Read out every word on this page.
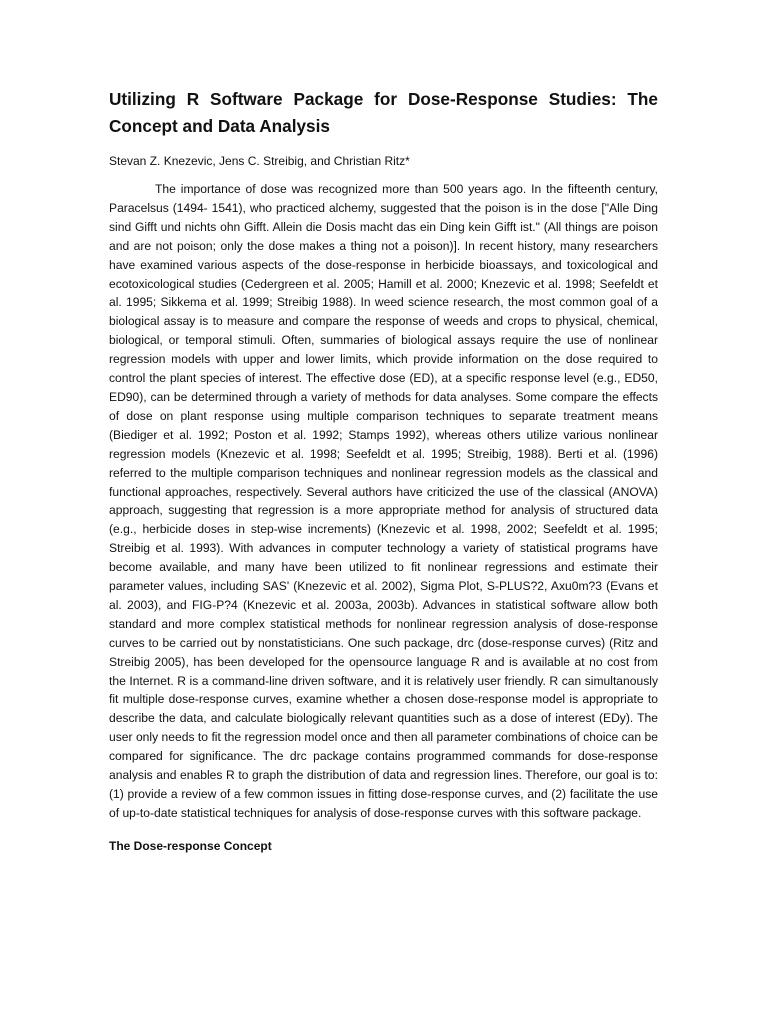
Utilizing R Software Package for Dose-Response Studies: The Concept and Data Analysis

Stevan Z. Knezevic, Jens C. Streibig, and Christian Ritz*

The importance of dose was recognized more than 500 years ago. In the fifteenth century, Paracelsus (1494- 1541), who practiced alchemy, suggested that the poison is in the dose ["Alle Ding sind Gifft und nichts ohn Gifft. Allein die Dosis macht das ein Ding kein Gifft ist." (All things are poison and are not poison; only the dose makes a thing not a poison)]. In recent history, many researchers have examined various aspects of the dose-response in herbicide bioassays, and toxicological and ecotoxicological studies (Cedergreen et al. 2005; Hamill et al. 2000; Knezevic et al. 1998; Seefeldt et al. 1995; Sikkema et al. 1999; Streibig 1988). In weed science research, the most common goal of a biological assay is to measure and compare the response of weeds and crops to physical, chemical, biological, or temporal stimuli. Often, summaries of biological assays require the use of nonlinear regression models with upper and lower limits, which provide information on the dose required to control the plant species of interest. The effective dose (ED), at a specific response level (e.g., ED50, ED90), can be determined through a variety of methods for data analyses. Some compare the effects of dose on plant response using multiple comparison techniques to separate treatment means (Biediger et al. 1992; Poston et al. 1992; Stamps 1992), whereas others utilize various nonlinear regression models (Knezevic et al. 1998; Seefeldt et al. 1995; Streibig, 1988). Berti et al. (1996) referred to the multiple comparison techniques and nonlinear regression models as the classical and functional approaches, respectively. Several authors have criticized the use of the classical (ANOVA) approach, suggesting that regression is a more appropriate method for analysis of structured data (e.g., herbicide doses in step-wise increments) (Knezevic et al. 1998, 2002; Seefeldt et al. 1995; Streibig et al. 1993). With advances in computer technology a variety of statistical programs have become available, and many have been utilized to fit nonlinear regressions and estimate their parameter values, including SAS' (Knezevic et al. 2002), Sigma Plot, S-PLUS?2, Axu0m?3 (Evans et al. 2003), and FIG-P?4 (Knezevic et al. 2003a, 2003b). Advances in statistical software allow both standard and more complex statistical methods for nonlinear regression analysis of dose-response curves to be carried out by nonstatisticians. One such package, drc (dose-response curves) (Ritz and Streibig 2005), has been developed for the opensource language R and is available at no cost from the Internet. R is a command-line driven software, and it is relatively user friendly. R can simultanously fit multiple dose-response curves, examine whether a chosen dose-response model is appropriate to describe the data, and calculate biologically relevant quantities such as a dose of interest (EDy). The user only needs to fit the regression model once and then all parameter combinations of choice can be compared for significance. The drc package contains programmed commands for dose-response analysis and enables R to graph the distribution of data and regression lines. Therefore, our goal is to: (1) provide a review of a few common issues in fitting dose-response curves, and (2) facilitate the use of up-to-date statistical techniques for analysis of dose-response curves with this software package.

The Dose-response Concept
